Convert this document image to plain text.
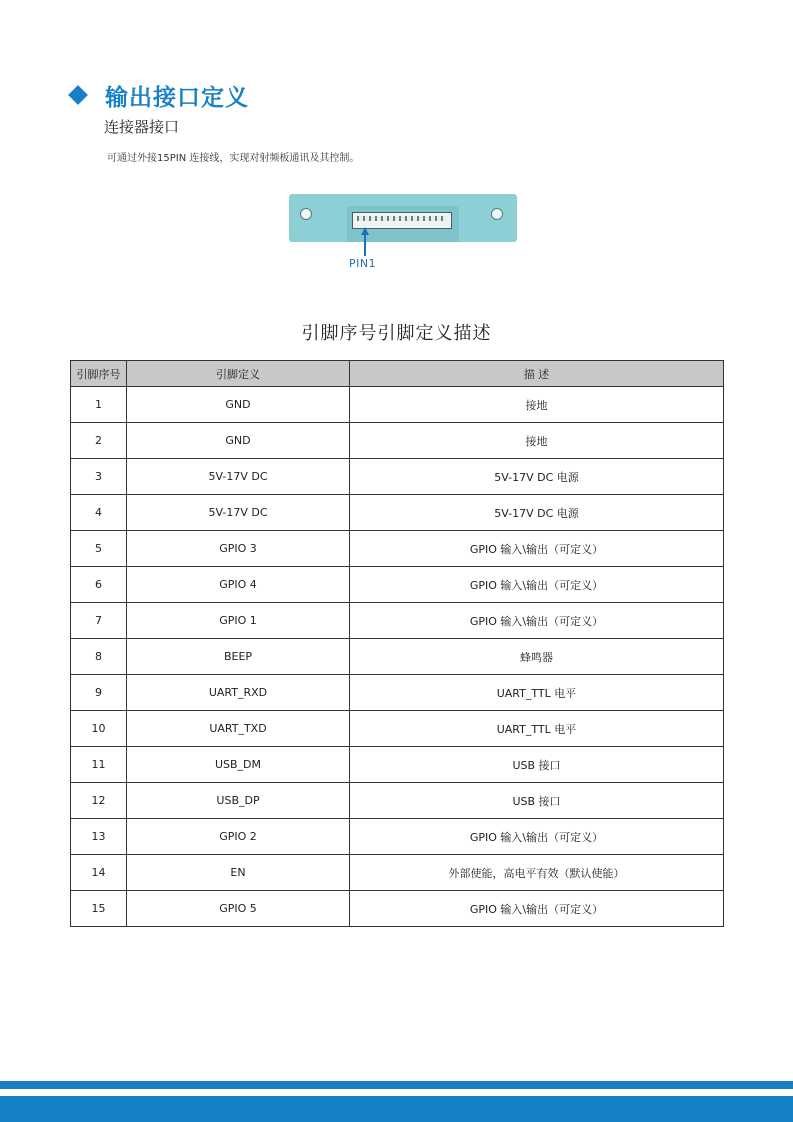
输出接口定义
连接器接口
可通过外接15PIN 连接线，实现对射频板通讯及其控制。
PIN1
引脚序号引脚定义描述
引脚序号	引脚定义	描 述
1	GND	接地
2	GND	接地
3	5V-17V DC	5V-17V DC 电源
4	5V-17V DC	5V-17V DC 电源
5	GPIO 3	GPIO 输入\输出（可定义）
6	GPIO 4	GPIO 输入\输出（可定义）
7	GPIO 1	GPIO 输入\输出（可定义）
8	BEEP	蜂鸣器
9	UART_RXD	UART_TTL 电平
10	UART_TXD	UART_TTL 电平
11	USB_DM	USB 接口
12	USB_DP	USB 接口
13	GPIO 2	GPIO 输入\输出（可定义）
14	EN	外部使能，高电平有效（默认使能）
15	GPIO 5	GPIO 输入\输出（可定义）
